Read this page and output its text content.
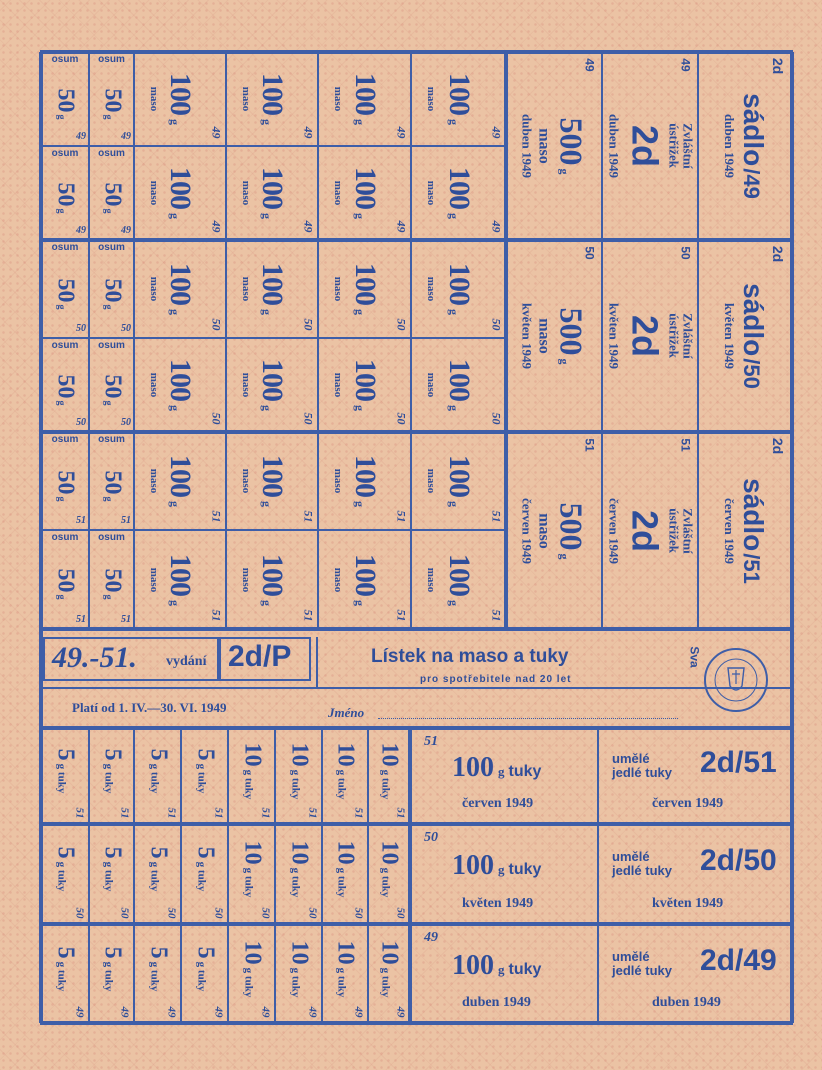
49.-51. vydání 2d/P	Lístek na maso a tuky
pro spotřebitele nad 20 let
Sva
Platí od 1. IV.—30. VI. 1949	Jméno
100
g
maso
49
100
g
maso
49
100
g
maso
49
100
g
maso
49
osum
50
g
49
osum
50
g
49
100
g
maso
49
100
g
maso
49
100
g
maso
49
100
g
maso
49
osum
50
g
49
osum
50
g
49
49
500
g
maso
duben 1949
49
Zvláštní
ústřižek
2d
duben 1949
2d
sádlo
/49
duben 1949
100
g
maso
50
100
g
maso
50
100
g
maso
50
100
g
maso
50
osum
50
g
50
osum
50
g
50
100
g
maso
50
100
g
maso
50
100
g
maso
50
100
g
maso
50
osum
50
g
50
osum
50
g
50
50
500
g
maso
květen 1949
50
Zvláštní
ústřižek
2d
květen 1949
2d
sádlo
/50
květen 1949
100
g
maso
51
100
g
maso
51
100
g
maso
51
100
g
maso
51
osum
50
g
51
osum
50
g
51
100
g
maso
51
100
g
maso
51
100
g
maso
51
100
g
maso
51
osum
50
g
51
osum
50
g
51
51
500
g
maso
červen 1949
51
Zvláštní
ústřižek
2d
červen 1949
2d
sádlo
/51
červen 1949
5
g tuky
51
5
g tuky
51
5
g tuky
51
5
g tuky
51
10
g tuky
51
10
g tuky
51
10
g tuky
51
10
g tuky
51
51
100 g tuky
červen 1949
umělé
jedlé tuky 2d/51
červen 1949
5
g tuky
50
5
g tuky
50
5
g tuky
50
5
g tuky
50
10
g tuky
50
10
g tuky
50
10
g tuky
50
10
g tuky
50
50
100 g tuky
květen 1949
umělé
jedlé tuky 2d/50
květen 1949
5
g tuky
49
5
g tuky
49
5
g tuky
49
5
g tuky
49
10
g tuky
49
10
g tuky
49
10
g tuky
49
10
g tuky
49
49
100 g tuky
duben 1949
umělé
jedlé tuky 2d/49
duben 1949
